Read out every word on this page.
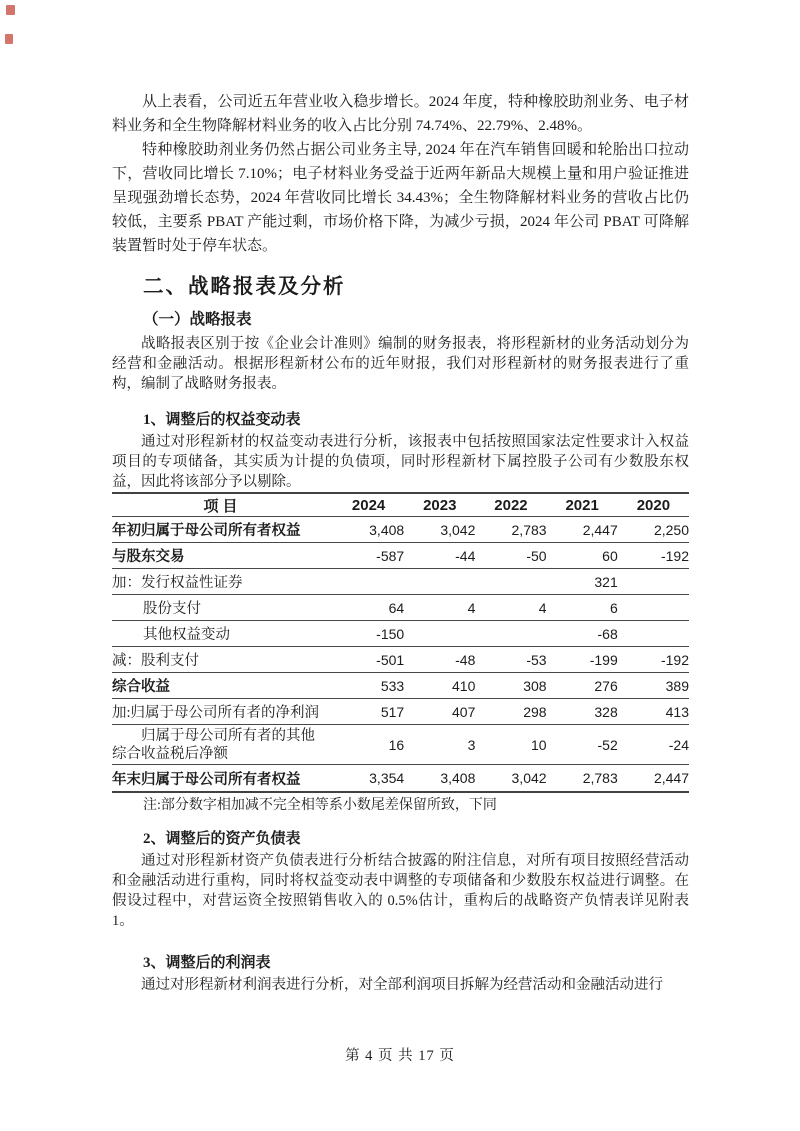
从上表看，公司近五年营业收入稳步增长。2024 年度，特种橡胶助剂业务、电子材料业务和全生物降解材料业务的收入占比分别 74.74%、22.79%、2.48%。

特种橡胶助剂业务仍然占据公司业务主导, 2024 年在汽车销售回暖和轮胎出口拉动下，营收同比增长 7.10%；电子材料业务受益于近两年新品大规模上量和用户验证推进呈现强劲增长态势，2024 年营收同比增长 34.43%；全生物降解材料业务的营收占比仍较低，主要系 PBAT 产能过剩，市场价格下降，为减少亏损，2024 年公司 PBAT 可降解装置暂时处于停车状态。

二、战略报表及分析
（一）战略报表

战略报表区别于按《企业会计准则》编制的财务报表，将形程新材的业务活动划分为经营和金融活动。根据形程新材公布的近年财报，我们对形程新材的财务报表进行了重构，编制了战略财务报表。

1、调整后的权益变动表

通过对形程新材的权益变动表进行分析，该报表中包括按照国家法定性要求计入权益项目的专项储备，其实质为计提的负债项，同时形程新材下属控股子公司有少数股东权益，因此将该部分予以剔除。

项目	2024	2023	2022	2021	2020
年初归属于母公司所有者权益	3,408	3,042	2,783	2,447	2,250
与股东交易	-587	-44	-50	60	-192
加：发行权益性证券				321	
股份支付	64	4	4	6	
其他权益变动	-150			-68	
减：股利支付	-501	-48	-53	-199	-192
综合收益	533	410	308	276	389
加:归属于母公司所有者的净利润	517	407	298	328	413

归属于母公司所有者的其他综合收益税后净额	16	3	10	-52	-24
年末归属于母公司所有者权益	3,354	3,408	3,042	2,783	2,447

注:部分数字相加减不完全相等系小数尾差保留所致，下同

2、调整后的资产负债表

通过对形程新材资产负债表进行分析结合披露的附注信息，对所有项目按照经营活动和金融活动进行重构，同时将权益变动表中调整的专项储备和少数股东权益进行调整。在假设过程中，对营运资全按照销售收入的 0.5%估计，重构后的战略资产负情表详见附表 1。

3、调整后的利润表

通过对形程新材利润表进行分析，对全部利润项目拆解为经营活动和金融活动进行

第 4 页 共 17 页
